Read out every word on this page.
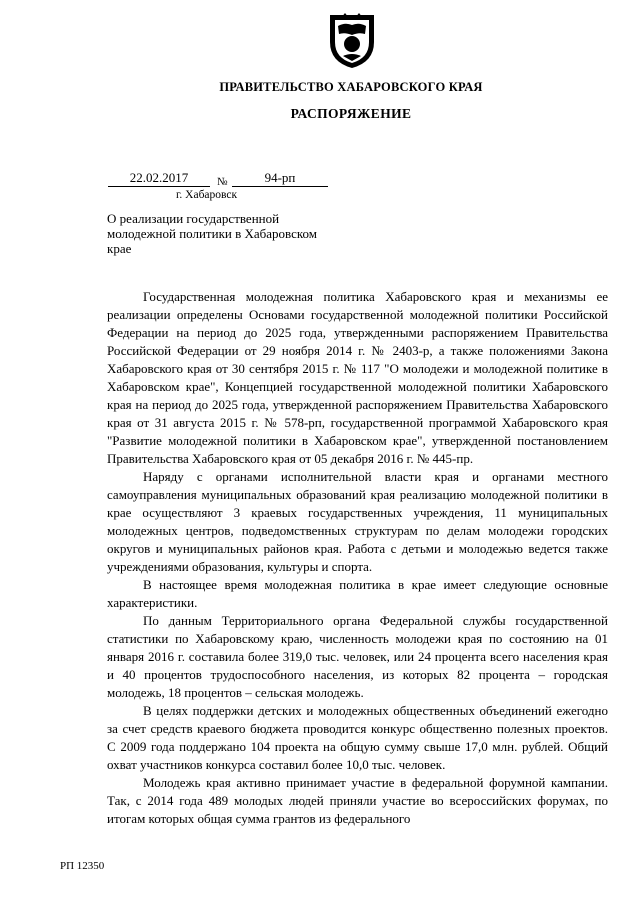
ПРАВИТЕЛЬСТВО ХАБАРОВСКОГО КРАЯ
РАСПОРЯЖЕНИЕ
22.02.2017	№	94-рп
г. Хабаровск
О реализации государственной молодежной политики в Хабаровском крае

Государственная молодежная политика Хабаровского края и механизмы ее реализации определены Основами государственной молодежной политики Российской Федерации на период до 2025 года, утвержденными распоряжением Правительства Российской Федерации от 29 ноября 2014 г. № 2403-р, а также положениями Закона Хабаровского края от 30 сентября 2015 г. № 117 "О молодежи и молодежной политике в Хабаровском крае", Концепцией государственной молодежной политики Хабаровского края на период до 2025 года, утвержденной распоряжением Правительства Хабаровского края от 31 августа 2015 г. № 578-рп, государственной программой Хабаровского края "Развитие молодежной политики в Хабаровском крае", утвержденной постановлением Правительства Хабаровского края от 05 декабря 2016 г. № 445-пр.

Наряду с органами исполнительной власти края и органами местного самоуправления муниципальных образований края реализацию молодежной политики в крае осуществляют 3 краевых государственных учреждения, 11 муниципальных молодежных центров, подведомственных структурам по делам молодежи городских округов и муниципальных районов края. Работа с детьми и молодежью ведется также учреждениями образования, культуры и спорта.

В настоящее время молодежная политика в крае имеет следующие основные характеристики.

По данным Территориального органа Федеральной службы государственной статистики по Хабаровскому краю, численность молодежи края по состоянию на 01 января 2016 г. составила более 319,0 тыс. человек, или 24 процента всего населения края и 40 процентов трудоспособного населения, из которых 82 процента – городская молодежь, 18 процентов – сельская молодежь.

В целях поддержки детских и молодежных общественных объединений ежегодно за счет средств краевого бюджета проводится конкурс общественно полезных проектов. С 2009 года поддержано 104 проекта на общую сумму свыше 17,0 млн. рублей. Общий охват участников конкурса составил более 10,0 тыс. человек.

Молодежь края активно принимает участие в федеральной форумной кампании. Так, с 2014 года 489 молодых людей приняли участие во всероссийских форумах, по итогам которых общая сумма грантов из федерального

РП 12350
